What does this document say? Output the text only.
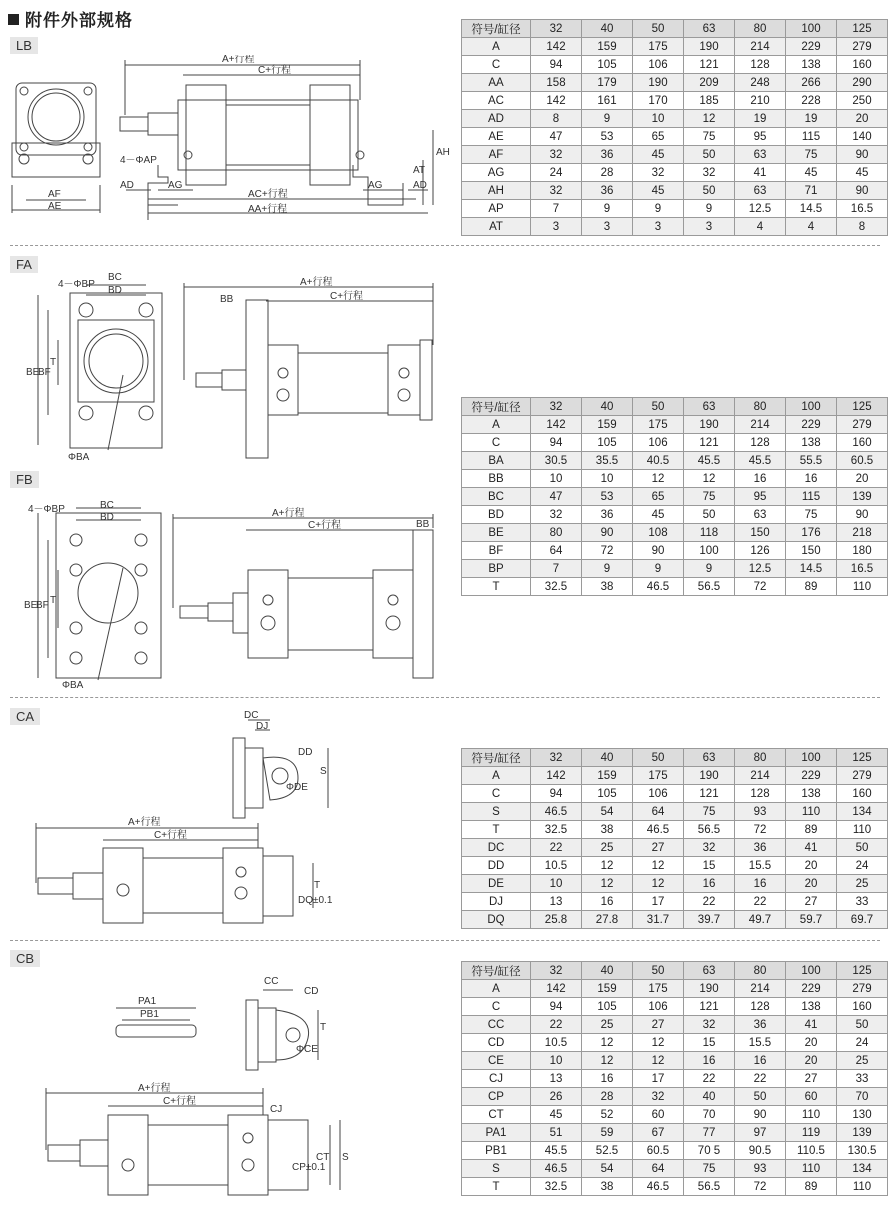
附件外部规格
LB
FA
FB
CA
CB
A+行程
C+行程
4－ΦAP
AD	AG	AG	AD
AF
AE
AC+行程
AA+行程
AT
AH
4－ΦBP
BC
BD
BE
BF
T
ΦBA
BB
A+行程
C+行程
4－ΦBP	BC
BD
BE
BF T
ΦBA
A+行程
C+行程	BB
DC
DJ
DD
S
ΦDE
A+行程
C+行程
DQ±0.1
T
PA1
PB1
CC
CD
ΦCE
T
A+行程
C+行程
CJ
CP±0.1
CT S
符号/缸径	32	40	50	63	80	100	125
A	142	159	175	190	214	229	279
C	94	105	106	121	128	138	160
AA	158	179	190	209	248	266	290
AC	142	161	170	185	210	228	250
AD	8	9	10	12	19	19	20
AE	47	53	65	75	95	115	140
AF	32	36	45	50	63	75	90
AG	24	28	32	32	41	45	45
AH	32	36	45	50	63	71	90
AP	7	9	9	9	12.5	14.5	16.5
AT	3	3	3	3	4	4	8
符号/缸径	32	40	50	63	80	100	125
A	142	159	175	190	214	229	279
C	94	105	106	121	128	138	160
BA	30.5	35.5	40.5	45.5	45.5	55.5	60.5
BB	10	10	12	12	16	16	20
BC	47	53	65	75	95	115	139
BD	32	36	45	50	63	75	90
BE	80	90	108	118	150	176	218
BF	64	72	90	100	126	150	180
BP	7	9	9	9	12.5	14.5	16.5
T	32.5	38	46.5	56.5	72	89	110
符号/缸径	32	40	50	63	80	100	125
A	142	159	175	190	214	229	279
C	94	105	106	121	128	138	160
S	46.5	54	64	75	93	110	134
T	32.5	38	46.5	56.5	72	89	110
DC	22	25	27	32	36	41	50
DD	10.5	12	12	15	15.5	20	24
DE	10	12	12	16	16	20	25
DJ	13	16	17	22	22	27	33
DQ	25.8	27.8	31.7	39.7	49.7	59.7	69.7
符号/缸径	32	40	50	63	80	100	125
A	142	159	175	190	214	229	279
C	94	105	106	121	128	138	160
CC	22	25	27	32	36	41	50
CD	10.5	12	12	15	15.5	20	24
CE	10	12	12	16	16	20	25
CJ	13	16	17	22	22	27	33
CP	26	28	32	40	50	60	70
CT	45	52	60	70	90	110	130
PA1	51	59	67	77	97	119	139
PB1	45.5	52.5	60.5	70 5	90.5	110.5	130.5
S	46.5	54	64	75	93	110	134
T	32.5	38	46.5	56.5	72	89	110
